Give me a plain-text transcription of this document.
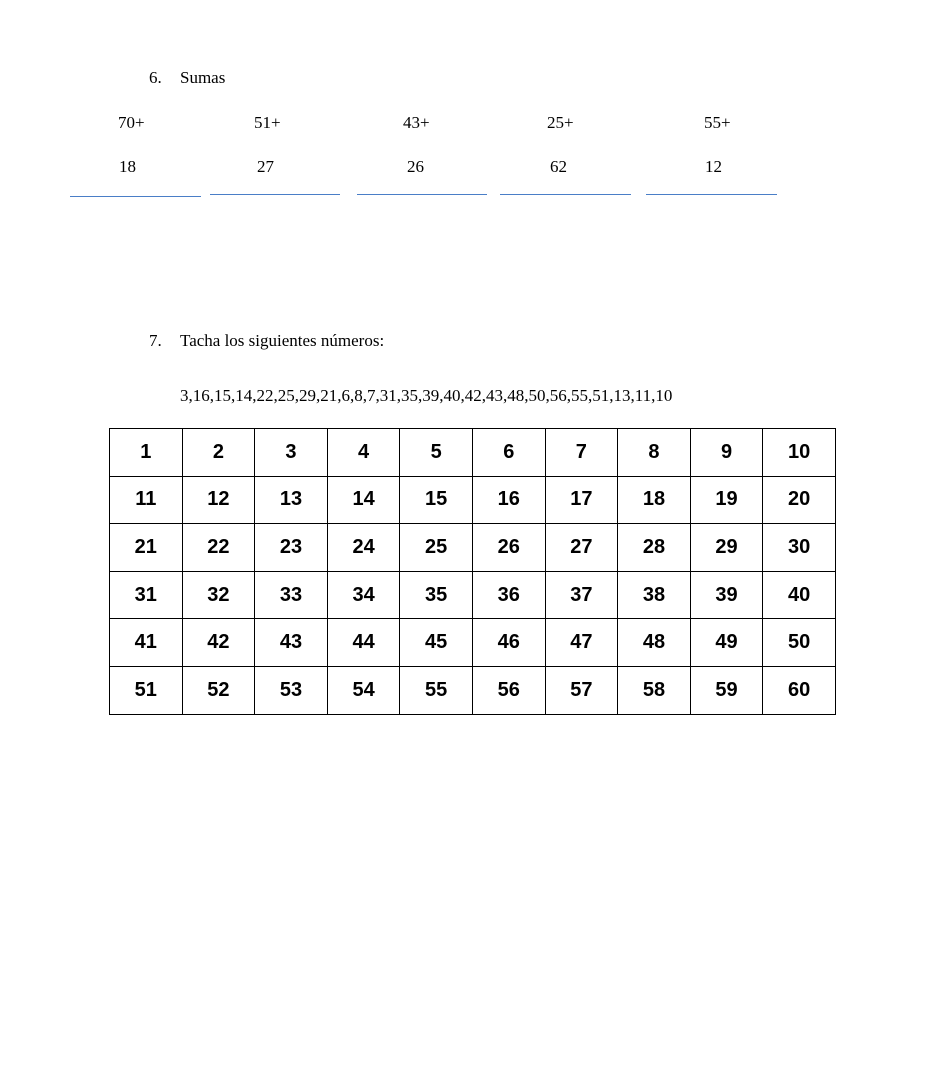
6. Sumas
70+	51+	43+	25+	55+
18	27	26	62	12
7. Tacha los siguientes números:
3,16,15,14,22,25,29,21,6,8,7,31,35,39,40,42,43,48,50,56,55,51,13,11,10
1	2	3	4	5	6	7	8	9	10
11	12	13	14	15	16	17	18	19	20
21	22	23	24	25	26	27	28	29	30
31	32	33	34	35	36	37	38	39	40
41	42	43	44	45	46	47	48	49	50
51	52	53	54	55	56	57	58	59	60
